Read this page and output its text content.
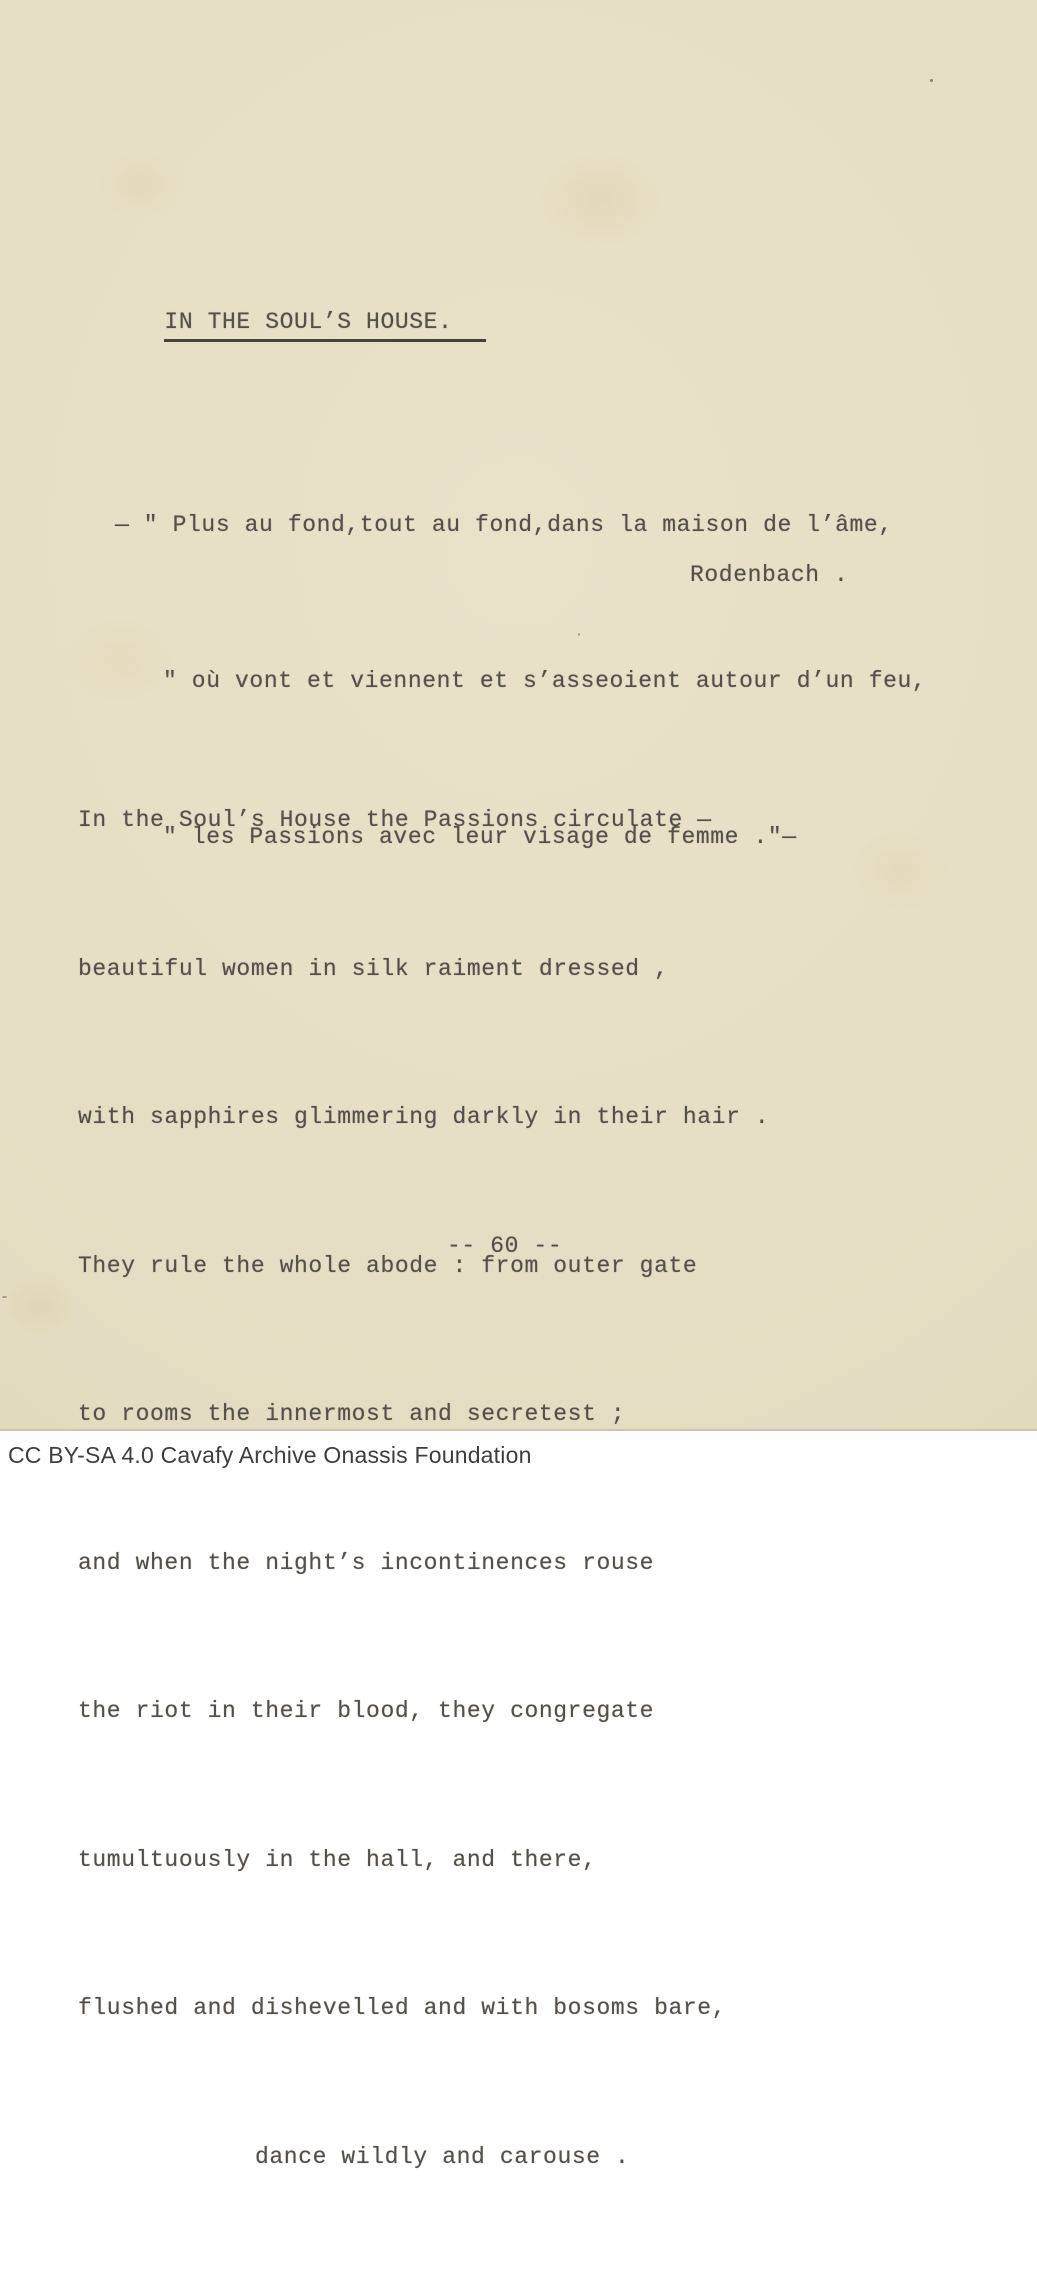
IN THE SOUL’S HOUSE.

— " Plus au fond,tout au fond,dans la maison de l’âme,

" où vont et viennent et s’asseoient autour d’un feu,

" les Passions avec leur visage de femme ."—

Rodenbach .

In the Soul’s House the Passions circulate —

beautiful women in silk raiment dressed ,

with sapphires glimmering darkly in their hair .

They rule the whole abode : from outer gate

to rooms the innermost and secretest ;

and when the night’s incontinences rouse

the riot in their blood, they congregate

tumultuously in the hall, and there,

flushed and dishevelled and with bosoms bare,

dance wildly and carouse .

-- 60 --
CC BY-SA 4.0 Cavafy Archive Onassis Foundation
